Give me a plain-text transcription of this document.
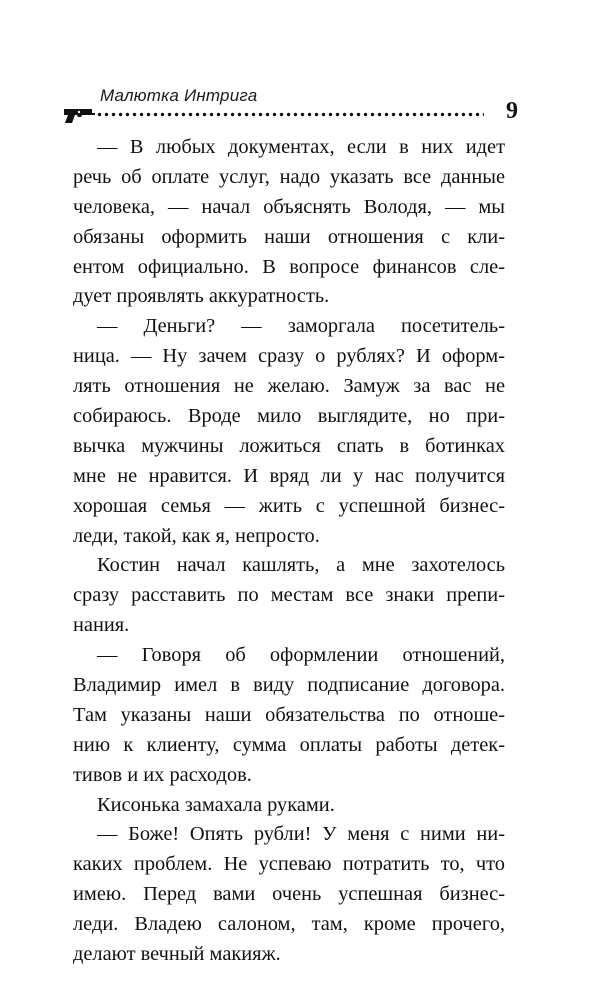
Малютка Интрига
9
— В любых документах, если в них идет
речь об оплате услуг, надо указать все данные
человека, — начал объяснять Володя, — мы
обязаны оформить наши отношения с кли-
ентом официально. В вопросе финансов сле-
дует проявлять аккуратность.
— Деньги? — заморгала посетитель-
ница. — Ну зачем сразу о рублях? И оформ-
лять отношения не желаю. Замуж за вас не
собираюсь. Вроде мило выглядите, но при-
вычка мужчины ложиться спать в ботинках
мне не нравится. И вряд ли у нас получится
хорошая семья — жить с успешной бизнес-
леди, такой, как я, непросто.
Костин начал кашлять, а мне захотелось
сразу расставить по местам все знаки препи-
нания.
— Говоря об оформлении отношений,
Владимир имел в виду подписание договора.
Там указаны наши обязательства по отноше-
нию к клиенту, сумма оплаты работы детек-
тивов и их расходов.
Кисонька замахала руками.
— Боже! Опять рубли! У меня с ними ни-
каких проблем. Не успеваю потратить то, что
имею. Перед вами очень успешная бизнес-
леди. Владею салоном, там, кроме прочего,
делают вечный макияж.
